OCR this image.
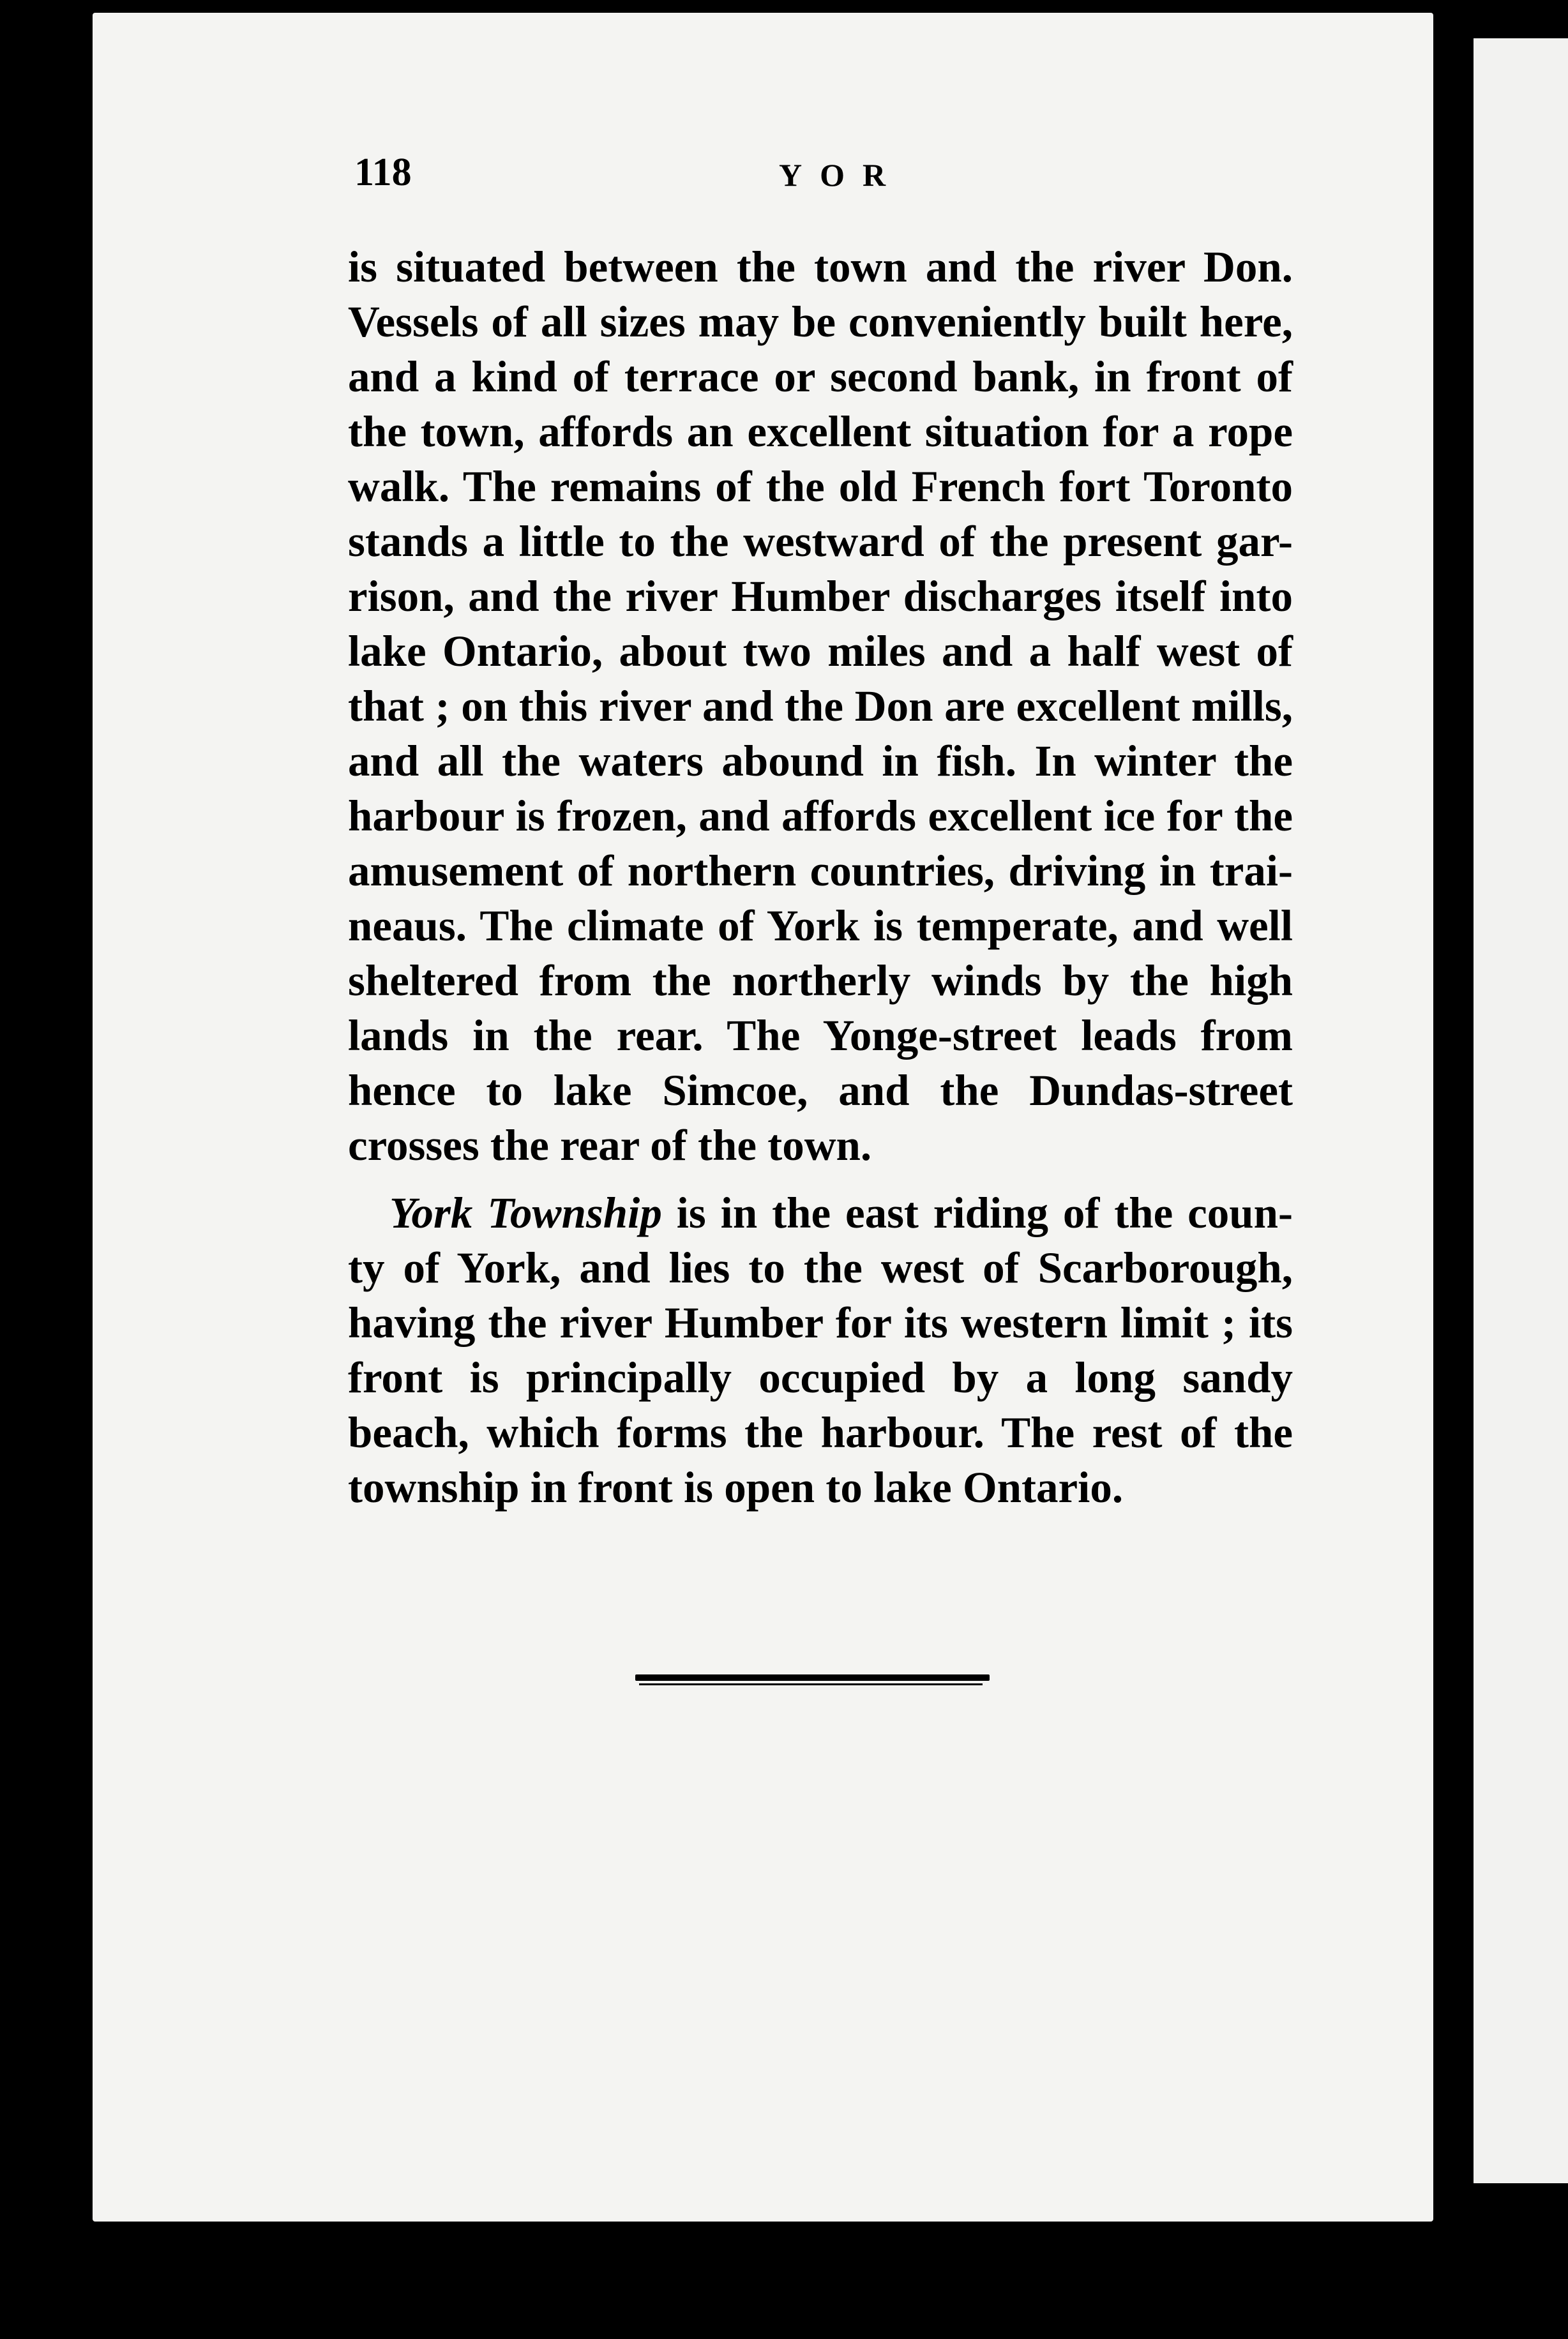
118	YOR
is situated between the town and the river Don.
Vessels of all sizes may be conveniently built here,
and a kind of terrace or second bank, in front of
the town, affords an excellent situation for a rope
walk. The remains of the old French fort Toronto
stands a little to the westward of the present gar-
rison, and the river Humber discharges itself into
lake Ontario, about two miles and a half west of
that ; on this river and the Don are excellent mills,
and all the waters abound in fish. In winter the
harbour is frozen, and affords excellent ice for the
amusement of northern countries, driving in trai-
neaus. The climate of York is temperate, and well
sheltered from the northerly winds by the high
lands in the rear. The Yonge-street leads from
hence to lake Simcoe, and the Dundas-street
crosses the rear of the town.
York Township is in the east riding of the coun-
ty of York, and lies to the west of Scarborough,
having the river Humber for its western limit ; its
front is principally occupied by a long sandy
beach, which forms the harbour. The rest of the
township in front is open to lake Ontario.
